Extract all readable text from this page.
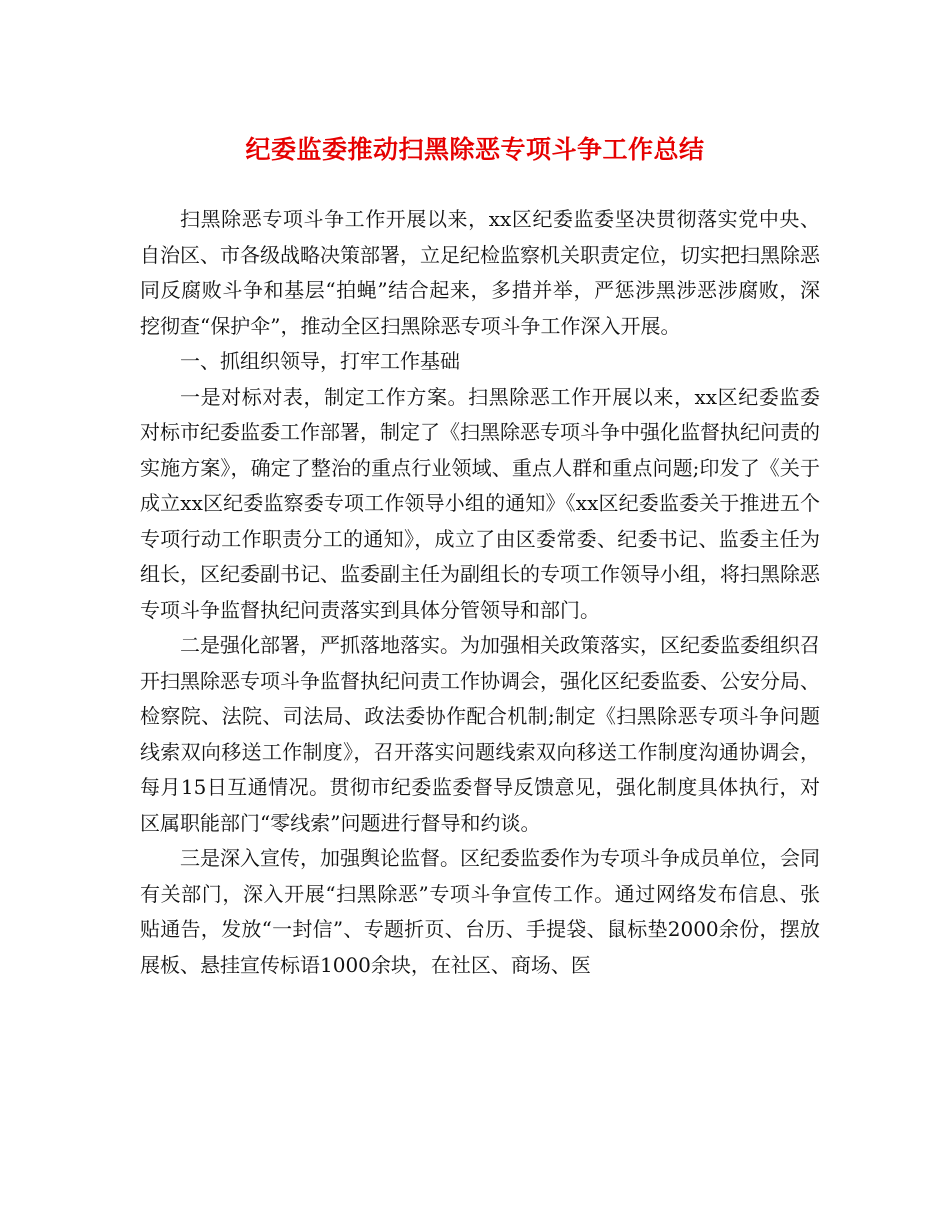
纪委监委推动扫黑除恶专项斗争工作总结

扫黑除恶专项斗争工作开展以来，xx区纪委监委坚决贯彻落实党中央、自治区、市各级战略决策部署，立足纪检监察机关职责定位，切实把扫黑除恶同反腐败斗争和基层“拍蝇”结合起来，多措并举，严惩涉黑涉恶涉腐败，深挖彻查“保护伞”，推动全区扫黑除恶专项斗争工作深入开展。

一、抓组织领导，打牢工作基础

一是对标对表，制定工作方案。扫黑除恶工作开展以来，xx区纪委监委对标市纪委监委工作部署，制定了《扫黑除恶专项斗争中强化监督执纪问责的实施方案》，确定了整治的重点行业领域、重点人群和重点问题;印发了《关于成立xx区纪委监察委专项工作领导小组的通知》《xx区纪委监委关于推进五个专项行动工作职责分工的通知》，成立了由区委常委、纪委书记、监委主任为组长，区纪委副书记、监委副主任为副组长的专项工作领导小组，将扫黑除恶专项斗争监督执纪问责落实到具体分管领导和部门。

二是强化部署，严抓落地落实。为加强相关政策落实，区纪委监委组织召开扫黑除恶专项斗争监督执纪问责工作协调会，强化区纪委监委、公安分局、检察院、法院、司法局、政法委协作配合机制;制定《扫黑除恶专项斗争问题线索双向移送工作制度》，召开落实问题线索双向移送工作制度沟通协调会，每月15日互通情况。贯彻市纪委监委督导反馈意见，强化制度具体执行，对区属职能部门“零线索”问题进行督导和约谈。

三是深入宣传，加强舆论监督。区纪委监委作为专项斗争成员单位，会同有关部门，深入开展“扫黑除恶”专项斗争宣传工作。通过网络发布信息、张贴通告，发放“一封信”、专题折页、台历、手提袋、鼠标垫2000余份，摆放展板、悬挂宣传标语1000余块，在社区、商场、医
